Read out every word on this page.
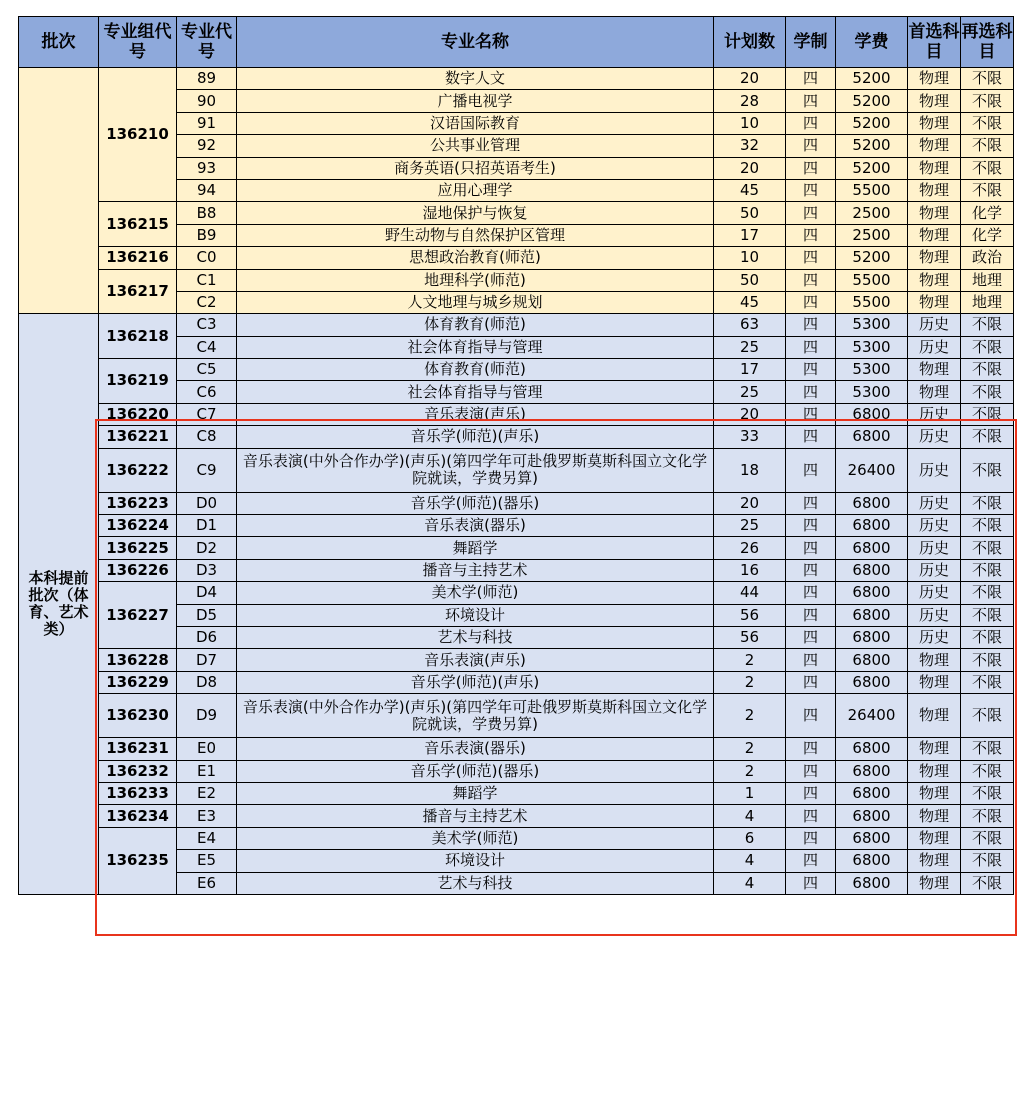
批次	专业组代号	专业代号	专业名称	计划数	学制	学费	首选科目	再选科目
	136210	89	数字人文	20	四	5200	物理	不限
		90	广播电视学	28	四	5200	物理	不限
		91	汉语国际教育	10	四	5200	物理	不限
		92	公共事业管理	32	四	5200	物理	不限
		93	商务英语(只招英语考生)	20	四	5200	物理	不限
		94	应用心理学	45	四	5500	物理	不限
	136215	B8	湿地保护与恢复	50	四	2500	物理	化学
		B9	野生动物与自然保护区管理	17	四	2500	物理	化学
	136216	C0	思想政治教育(师范)	10	四	5200	物理	政治
	136217	C1	地理科学(师范)	50	四	5500	物理	地理
		C2	人文地理与城乡规划	45	四	5500	物理	地理

本科提前批次（体育、艺术类）	136218	C3	体育教育(师范)	63	四	5300	历史	不限
		C4	社会体育指导与管理	25	四	5300	历史	不限
	136219	C5	体育教育(师范)	17	四	5300	物理	不限
		C6	社会体育指导与管理	25	四	5300	物理	不限
	136220	C7	音乐表演(声乐)	20	四	6800	历史	不限
	136221	C8	音乐学(师范)(声乐)	33	四	6800	历史	不限
	136222	C9	音乐表演(中外合作办学)(声乐)(第四学年可赴俄罗斯莫斯科国立文化学院就读，学费另算)	18	四	26400	历史	不限
	136223	D0	音乐学(师范)(器乐)	20	四	6800	历史	不限
	136224	D1	音乐表演(器乐)	25	四	6800	历史	不限
	136225	D2	舞蹈学	26	四	6800	历史	不限
	136226	D3	播音与主持艺术	16	四	6800	历史	不限
	136227	D4	美术学(师范)	44	四	6800	历史	不限
		D5	环境设计	56	四	6800	历史	不限
		D6	艺术与科技	56	四	6800	历史	不限
	136228	D7	音乐表演(声乐)	2	四	6800	物理	不限
	136229	D8	音乐学(师范)(声乐)	2	四	6800	物理	不限
	136230	D9	音乐表演(中外合作办学)(声乐)(第四学年可赴俄罗斯莫斯科国立文化学院就读，学费另算)	2	四	26400	物理	不限
	136231	E0	音乐表演(器乐)	2	四	6800	物理	不限
	136232	E1	音乐学(师范)(器乐)	2	四	6800	物理	不限
	136233	E2	舞蹈学	1	四	6800	物理	不限
	136234	E3	播音与主持艺术	4	四	6800	物理	不限
	136235	E4	美术学(师范)	6	四	6800	物理	不限
		E5	环境设计	4	四	6800	物理	不限
		E6	艺术与科技	4	四	6800	物理	不限
